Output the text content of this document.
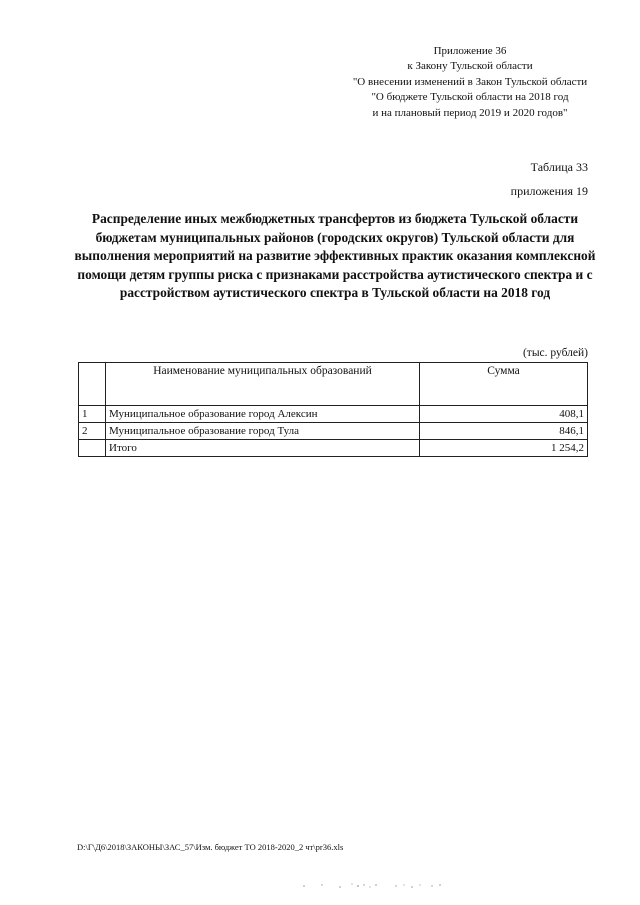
Приложение 36
к Закону Тульской области
"О внесении изменений в Закон Тульской области
"О бюджете Тульской области на 2018 год
и на плановый период 2019 и 2020 годов"
Таблица 33
приложения 19
Распределение иных межбюджетных трансфертов из бюджета Тульской области бюджетам муниципальных районов (городских округов) Тульской области для выполнения мероприятий на развитие эффективных практик оказания комплексной помощи детям группы риска с признаками расстройства аутистического спектра и с расстройством аутистического спектра в Тульской области на 2018 год
(тыс. рублей)
	Наименование муниципальных образований	Сумма
1	Муниципальное образование город Алексин	408,1
2	Муниципальное образование город Тула	846,1
	Итого	1 254,2
D:\Г\Д6\2018\ЗАКОНЫ\ЗАС_57\Изм. бюджет ТО 2018-2020_2 чт\pr36.xls
